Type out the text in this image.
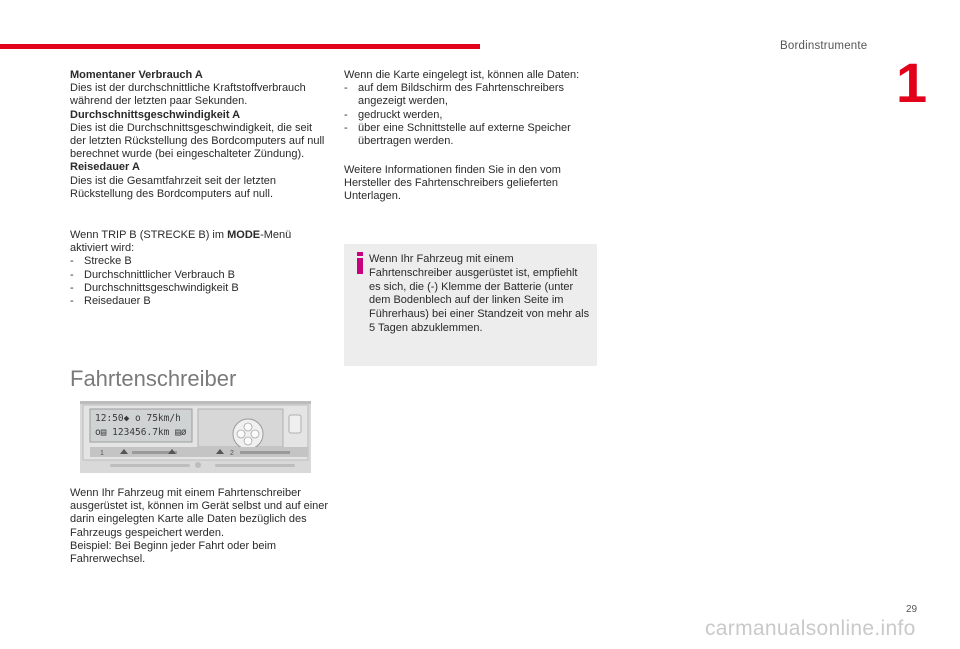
Bordinstrumente
1

Momentaner Verbrauch A

Dies ist der durchschnittliche Kraftstoffverbrauch während der letzten paar Sekunden.

Durchschnittsgeschwindigkeit A

Dies ist die Durchschnittsgeschwindigkeit, die seit der letzten Rückstellung des Bordcomputers auf null berechnet wurde (bei eingeschalteter Zündung).

Reisedauer A

Dies ist die Gesamtfahrzeit seit der letzten Rückstellung des Bordcomputers auf null.

Wenn TRIP B (STRECKE B) im MODE-Menü aktiviert wird:

- Strecke B
- Durchschnittlicher Verbrauch B
- Durchschnittsgeschwindigkeit B
- Reisedauer B
Fahrtenschreiber
12:50◆ o 75km/h
o▤ 123456.7km ▤ø
1	2

Wenn Ihr Fahrzeug mit einem Fahrtenschreiber ausgerüstet ist, können im Gerät selbst und auf einer darin eingelegten Karte alle Daten bezüglich des Fahrzeugs gespeichert werden.

Beispiel: Bei Beginn jeder Fahrt oder beim Fahrerwechsel.

Wenn die Karte eingelegt ist, können alle Daten:

- auf dem Bildschirm des Fahrtenschreibers angezeigt werden,
- gedruckt werden,
- über eine Schnittstelle auf externe Speicher übertragen werden.
Weitere Informationen finden Sie in den vom Hersteller des Fahrtenschreibers gelieferten Unterlagen.
Wenn Ihr Fahrzeug mit einem Fahrtenschreiber ausgerüstet ist, empfiehlt es sich, die (-) Klemme der Batterie (unter dem Bodenblech auf der linken Seite im Führerhaus) bei einer Standzeit von mehr als 5 Tagen abzuklemmen.
29
carmanualsonline.info
